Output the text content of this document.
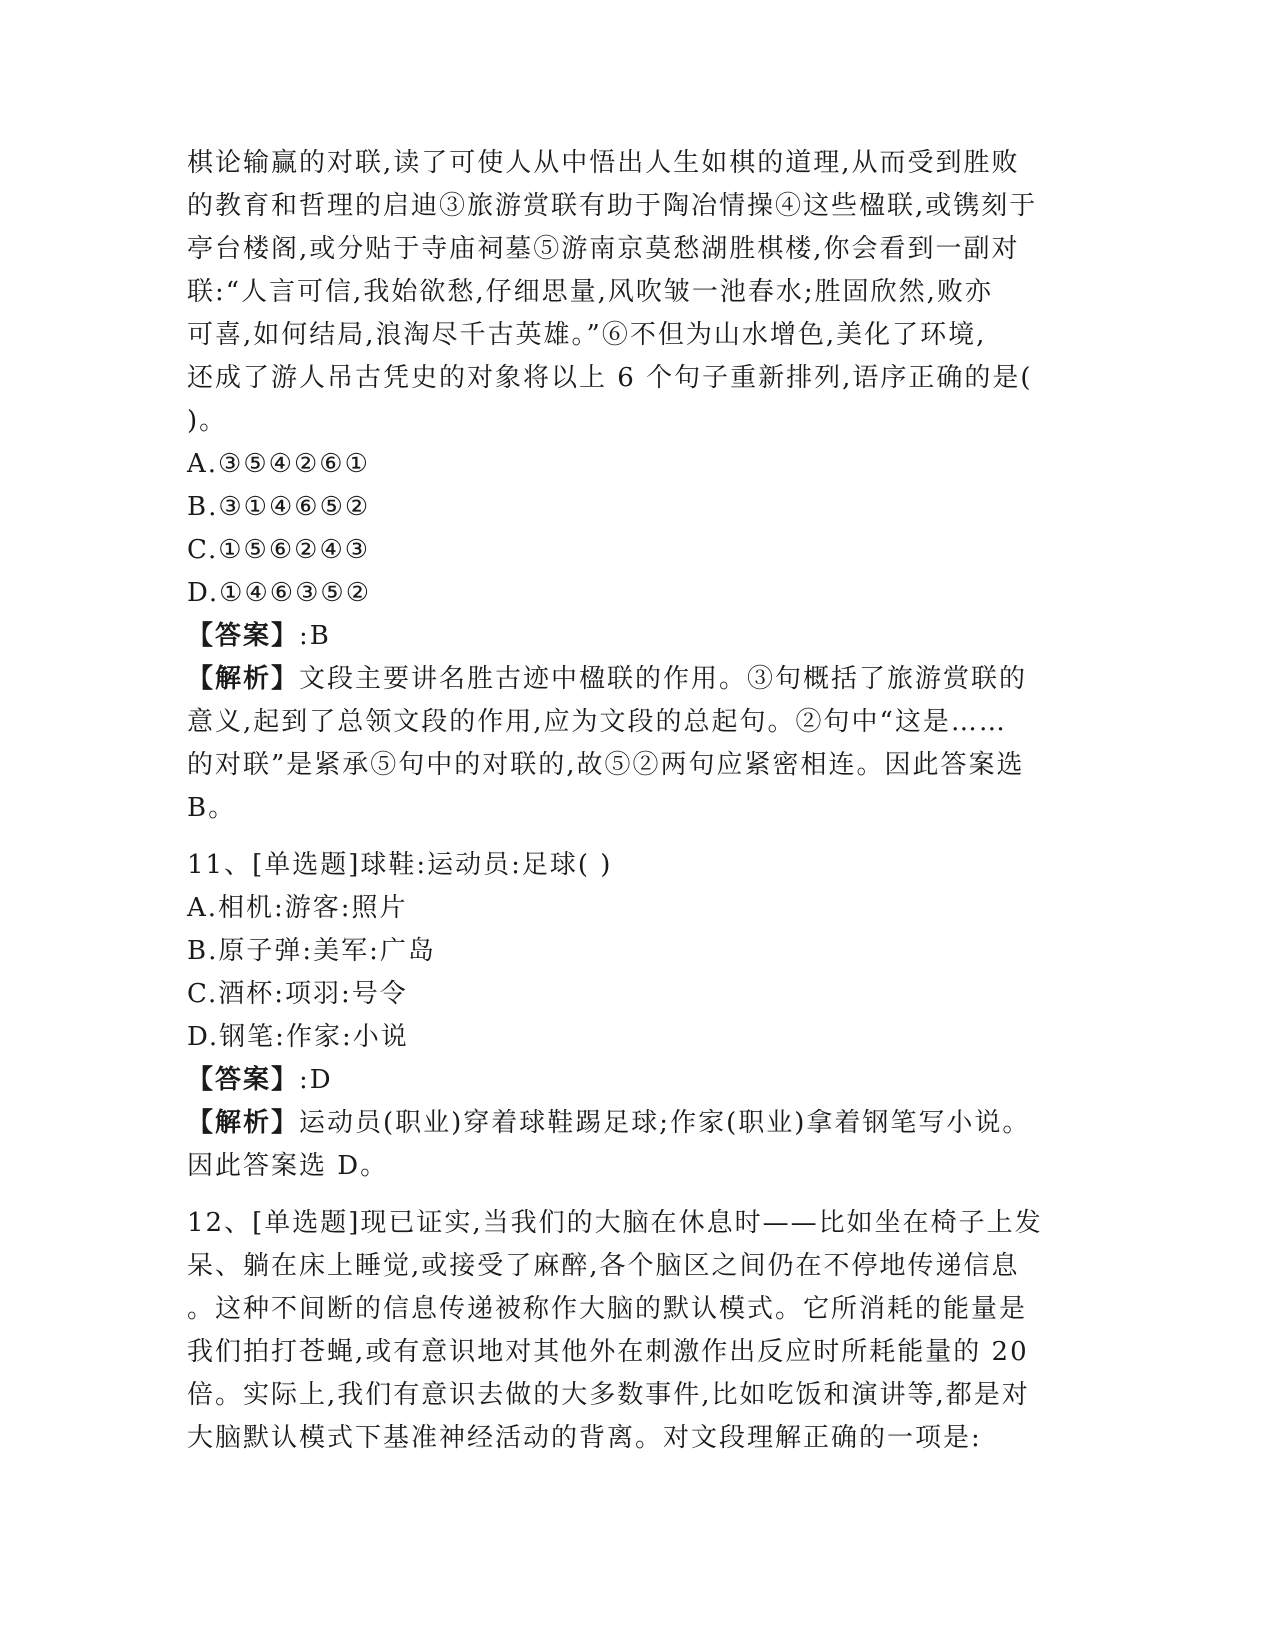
棋论输赢的对联,读了可使人从中悟出人生如棋的道理,从而受到胜败
的教育和哲理的启迪③旅游赏联有助于陶冶情操④这些楹联,或镌刻于
亭台楼阁,或分贴于寺庙祠墓⑤游南京莫愁湖胜棋楼,你会看到一副对
联:“人言可信,我始欲愁,仔细思量,风吹皱一池春水;胜固欣然,败亦
可喜,如何结局,浪淘尽千古英雄。”⑥不但为山水增色,美化了环境,
还成了游人吊古凭史的对象将以上 6 个句子重新排列,语序正确的是(
)。
A.③⑤④②⑥①
B.③①④⑥⑤②
C.①⑤⑥②④③
D.①④⑥③⑤②
【答案】:B
【解析】文段主要讲名胜古迹中楹联的作用。③句概括了旅游赏联的
意义,起到了总领文段的作用,应为文段的总起句。②句中“这是……
的对联”是紧承⑤句中的对联的,故⑤②两句应紧密相连。因此答案选
B。
11、[单选题]球鞋:运动员:足球( )
A.相机:游客:照片
B.原子弹:美军:广岛
C.酒杯:项羽:号令
D.钢笔:作家:小说
【答案】:D
【解析】运动员(职业)穿着球鞋踢足球;作家(职业)拿着钢笔写小说。
因此答案选 D。
12、[单选题]现已证实,当我们的大脑在休息时——比如坐在椅子上发
呆、躺在床上睡觉,或接受了麻醉,各个脑区之间仍在不停地传递信息
。这种不间断的信息传递被称作大脑的默认模式。它所消耗的能量是
我们拍打苍蝇,或有意识地对其他外在刺激作出反应时所耗能量的 20
倍。实际上,我们有意识去做的大多数事件,比如吃饭和演讲等,都是对
大脑默认模式下基准神经活动的背离。对文段理解正确的一项是:
